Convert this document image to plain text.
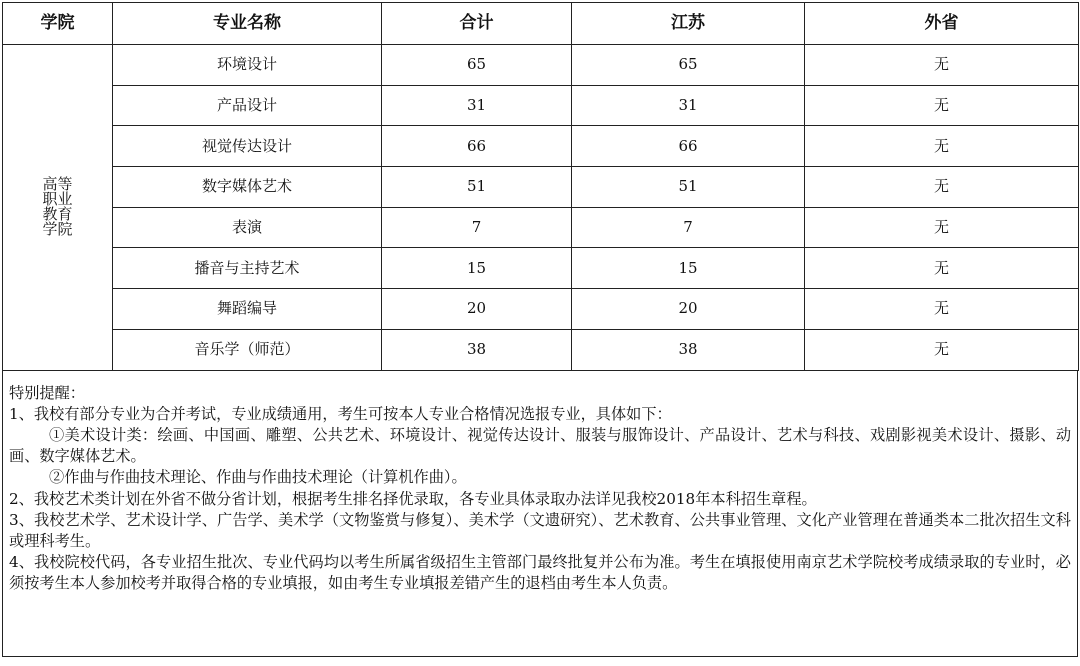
学院	专业名称	合计	江苏	外省
高等职业教育学院	环境设计	65	65	无
	产品设计	31	31	无
	视觉传达设计	66	66	无
	数字媒体艺术	51	51	无
	表演	7	7	无
	播音与主持艺术	15	15	无
	舞蹈编导	20	20	无
	音乐学（师范）	38	38	无

特别提醒：

1、我校有部分专业为合并考试，专业成绩通用，考生可按本人专业合格情况选报专业，具体如下：

①美术设计类：绘画、中国画、雕塑、公共艺术、环境设计、视觉传达设计、服装与服饰设计、产品设计、艺术与科技、戏剧影视美术设计、摄影、动画、数字媒体艺术。

②作曲与作曲技术理论、作曲与作曲技术理论（计算机作曲）。

2、我校艺术类计划在外省不做分省计划，根据考生排名择优录取，各专业具体录取办法详见我校2018年本科招生章程。

3、我校艺术学、艺术设计学、广告学、美术学（文物鉴赏与修复）、美术学（文遗研究）、艺术教育、公共事业管理、文化产业管理在普通类本二批次招生文科或理科考生。

4、我校院校代码，各专业招生批次、专业代码均以考生所属省级招生主管部门最终批复并公布为准。考生在填报使用南京艺术学院校考成绩录取的专业时，必须按考生本人参加校考并取得合格的专业填报，如由考生专业填报差错产生的退档由考生本人负责。
